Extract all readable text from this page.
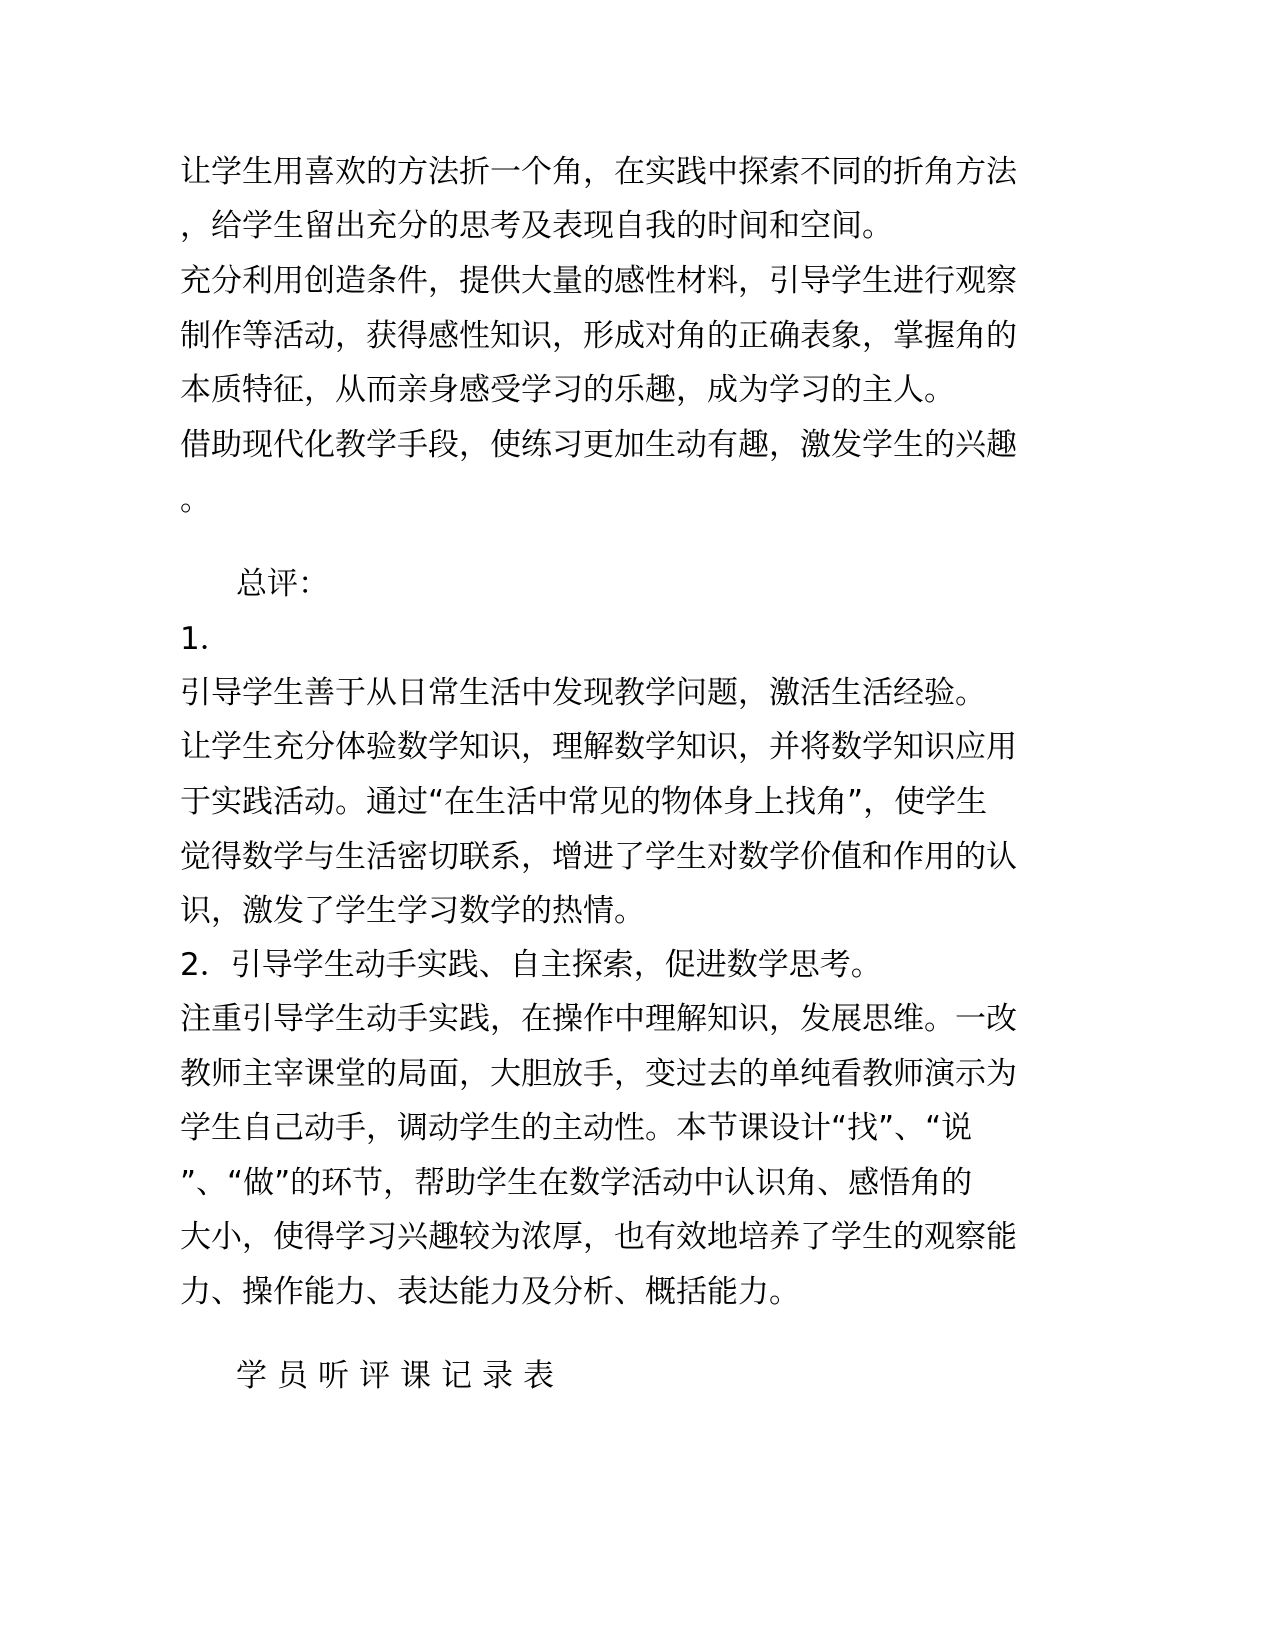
让学生用喜欢的方法折一个角，在实践中探索不同的折角方法
，给学生留出充分的思考及表现自我的时间和空间。
充分利用创造条件，提供大量的感性材料，引导学生进行观察
制作等活动，获得感性知识，形成对角的正确表象，掌握角的
本质特征，从而亲身感受学习的乐趣，成为学习的主人。
借助现代化教学手段，使练习更加生动有趣，激发学生的兴趣
。
总评：
1．
引导学生善于从日常生活中发现教学问题，激活生活经验。
让学生充分体验数学知识，理解数学知识，并将数学知识应用
于实践活动。通过“在生活中常见的物体身上找角”，使学生
觉得数学与生活密切联系，增进了学生对数学价值和作用的认
识，激发了学生学习数学的热情。
2．引导学生动手实践、自主探索，促进数学思考。
注重引导学生动手实践，在操作中理解知识，发展思维。一改
教师主宰课堂的局面，大胆放手，变过去的单纯看教师演示为
学生自己动手，调动学生的主动性。本节课设计“找”、“说
”、“做”的环节，帮助学生在数学活动中认识角、感悟角的
大小，使得学习兴趣较为浓厚，也有效地培养了学生的观察能
力、操作能力、表达能力及分析、概括能力。
学员听评课记录表
